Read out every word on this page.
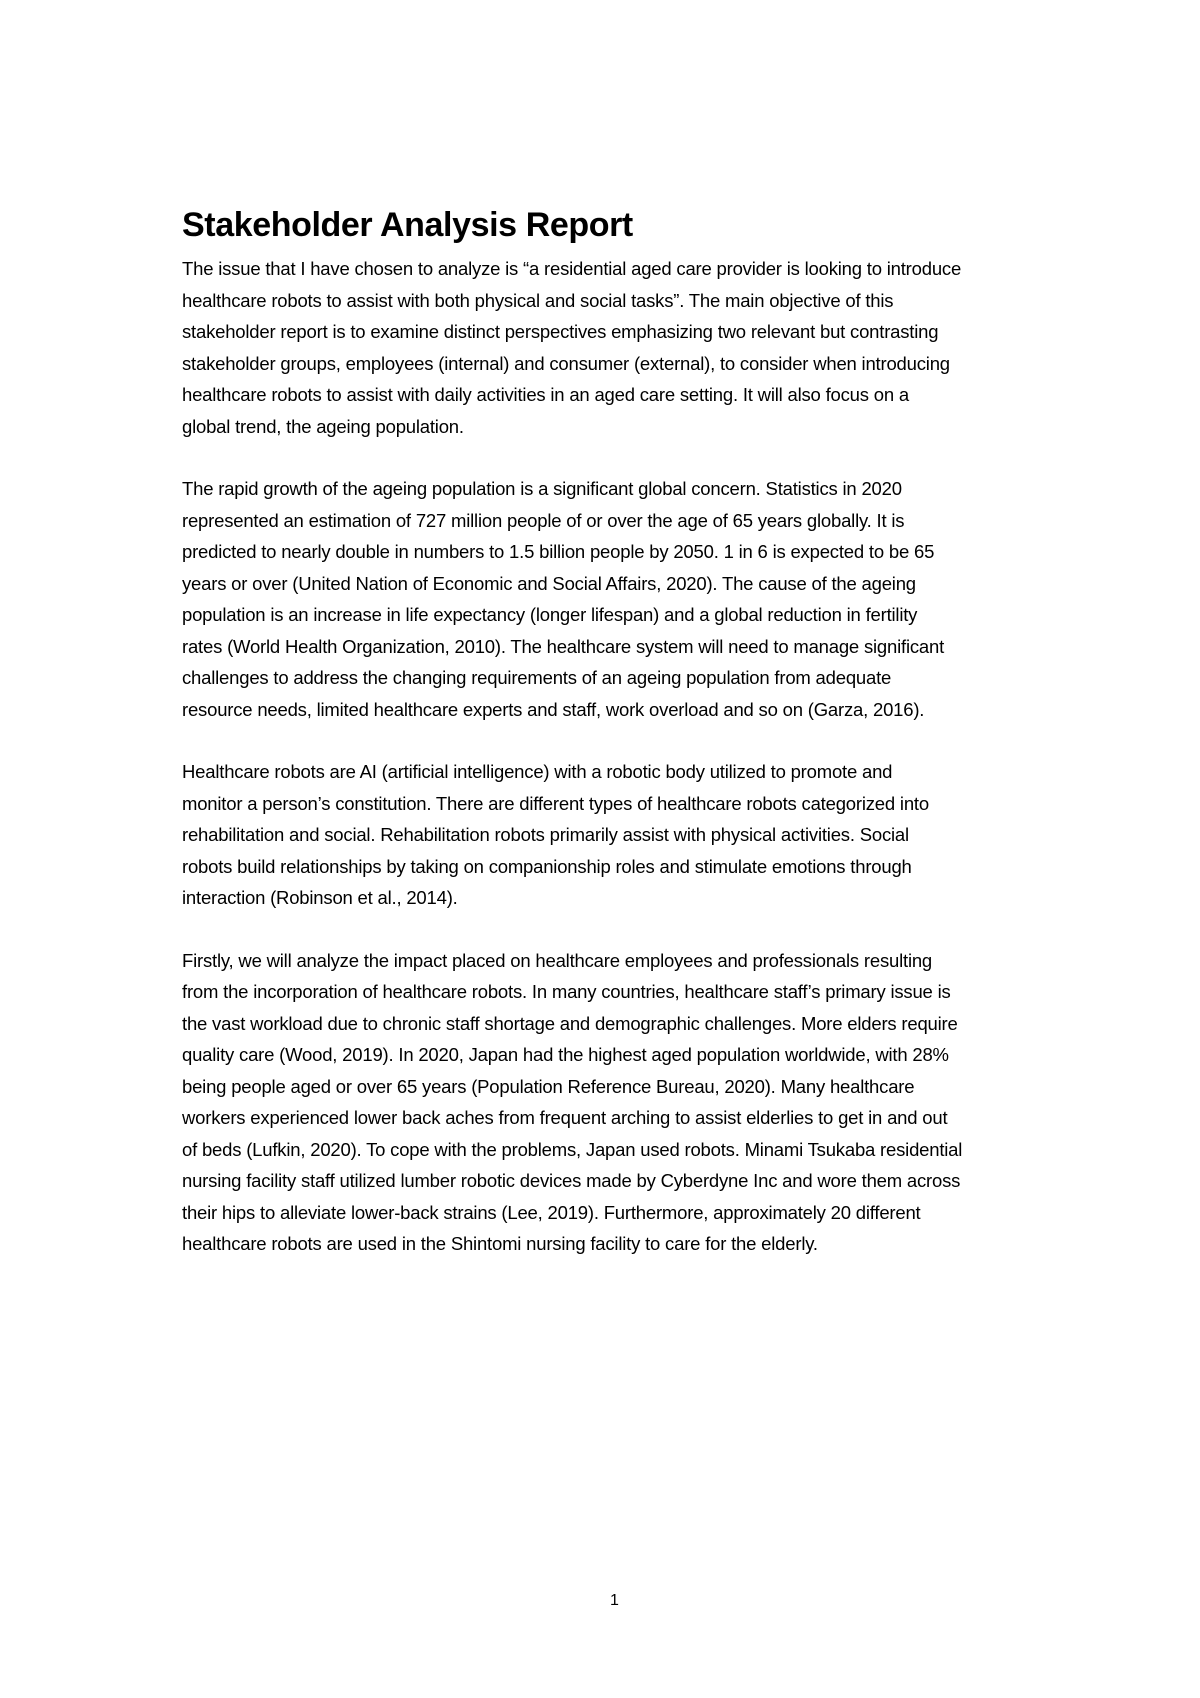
Stakeholder Analysis Report

The issue that I have chosen to analyze is “a residential aged care provider is looking to introduce
healthcare robots to assist with both physical and social tasks”. The main objective of this
stakeholder report is to examine distinct perspectives emphasizing two relevant but contrasting
stakeholder groups, employees (internal) and consumer (external), to consider when introducing
healthcare robots to assist with daily activities in an aged care setting. It will also focus on a
global trend, the ageing population.

The rapid growth of the ageing population is a significant global concern. Statistics in 2020
represented an estimation of 727 million people of or over the age of 65 years globally. It is
predicted to nearly double in numbers to 1.5 billion people by 2050. 1 in 6 is expected to be 65
years or over (United Nation of Economic and Social Affairs, 2020). The cause of the ageing
population is an increase in life expectancy (longer lifespan) and a global reduction in fertility
rates (World Health Organization, 2010). The healthcare system will need to manage significant
challenges to address the changing requirements of an ageing population from adequate
resource needs, limited healthcare experts and staff, work overload and so on (Garza, 2016).

Healthcare robots are AI (artificial intelligence) with a robotic body utilized to promote and
monitor a person’s constitution. There are different types of healthcare robots categorized into
rehabilitation and social. Rehabilitation robots primarily assist with physical activities. Social
robots build relationships by taking on companionship roles and stimulate emotions through
interaction (Robinson et al., 2014).

Firstly, we will analyze the impact placed on healthcare employees and professionals resulting
from the incorporation of healthcare robots. In many countries, healthcare staff’s primary issue is
the vast workload due to chronic staff shortage and demographic challenges. More elders require
quality care (Wood, 2019). In 2020, Japan had the highest aged population worldwide, with 28%
being people aged or over 65 years (Population Reference Bureau, 2020). Many healthcare
workers experienced lower back aches from frequent arching to assist elderlies to get in and out
of beds (Lufkin, 2020). To cope with the problems, Japan used robots. Minami Tsukaba residential
nursing facility staff utilized lumber robotic devices made by Cyberdyne Inc and wore them across
their hips to alleviate lower-back strains (Lee, 2019). Furthermore, approximately 20 different
healthcare robots are used in the Shintomi nursing facility to care for the elderly.

1
